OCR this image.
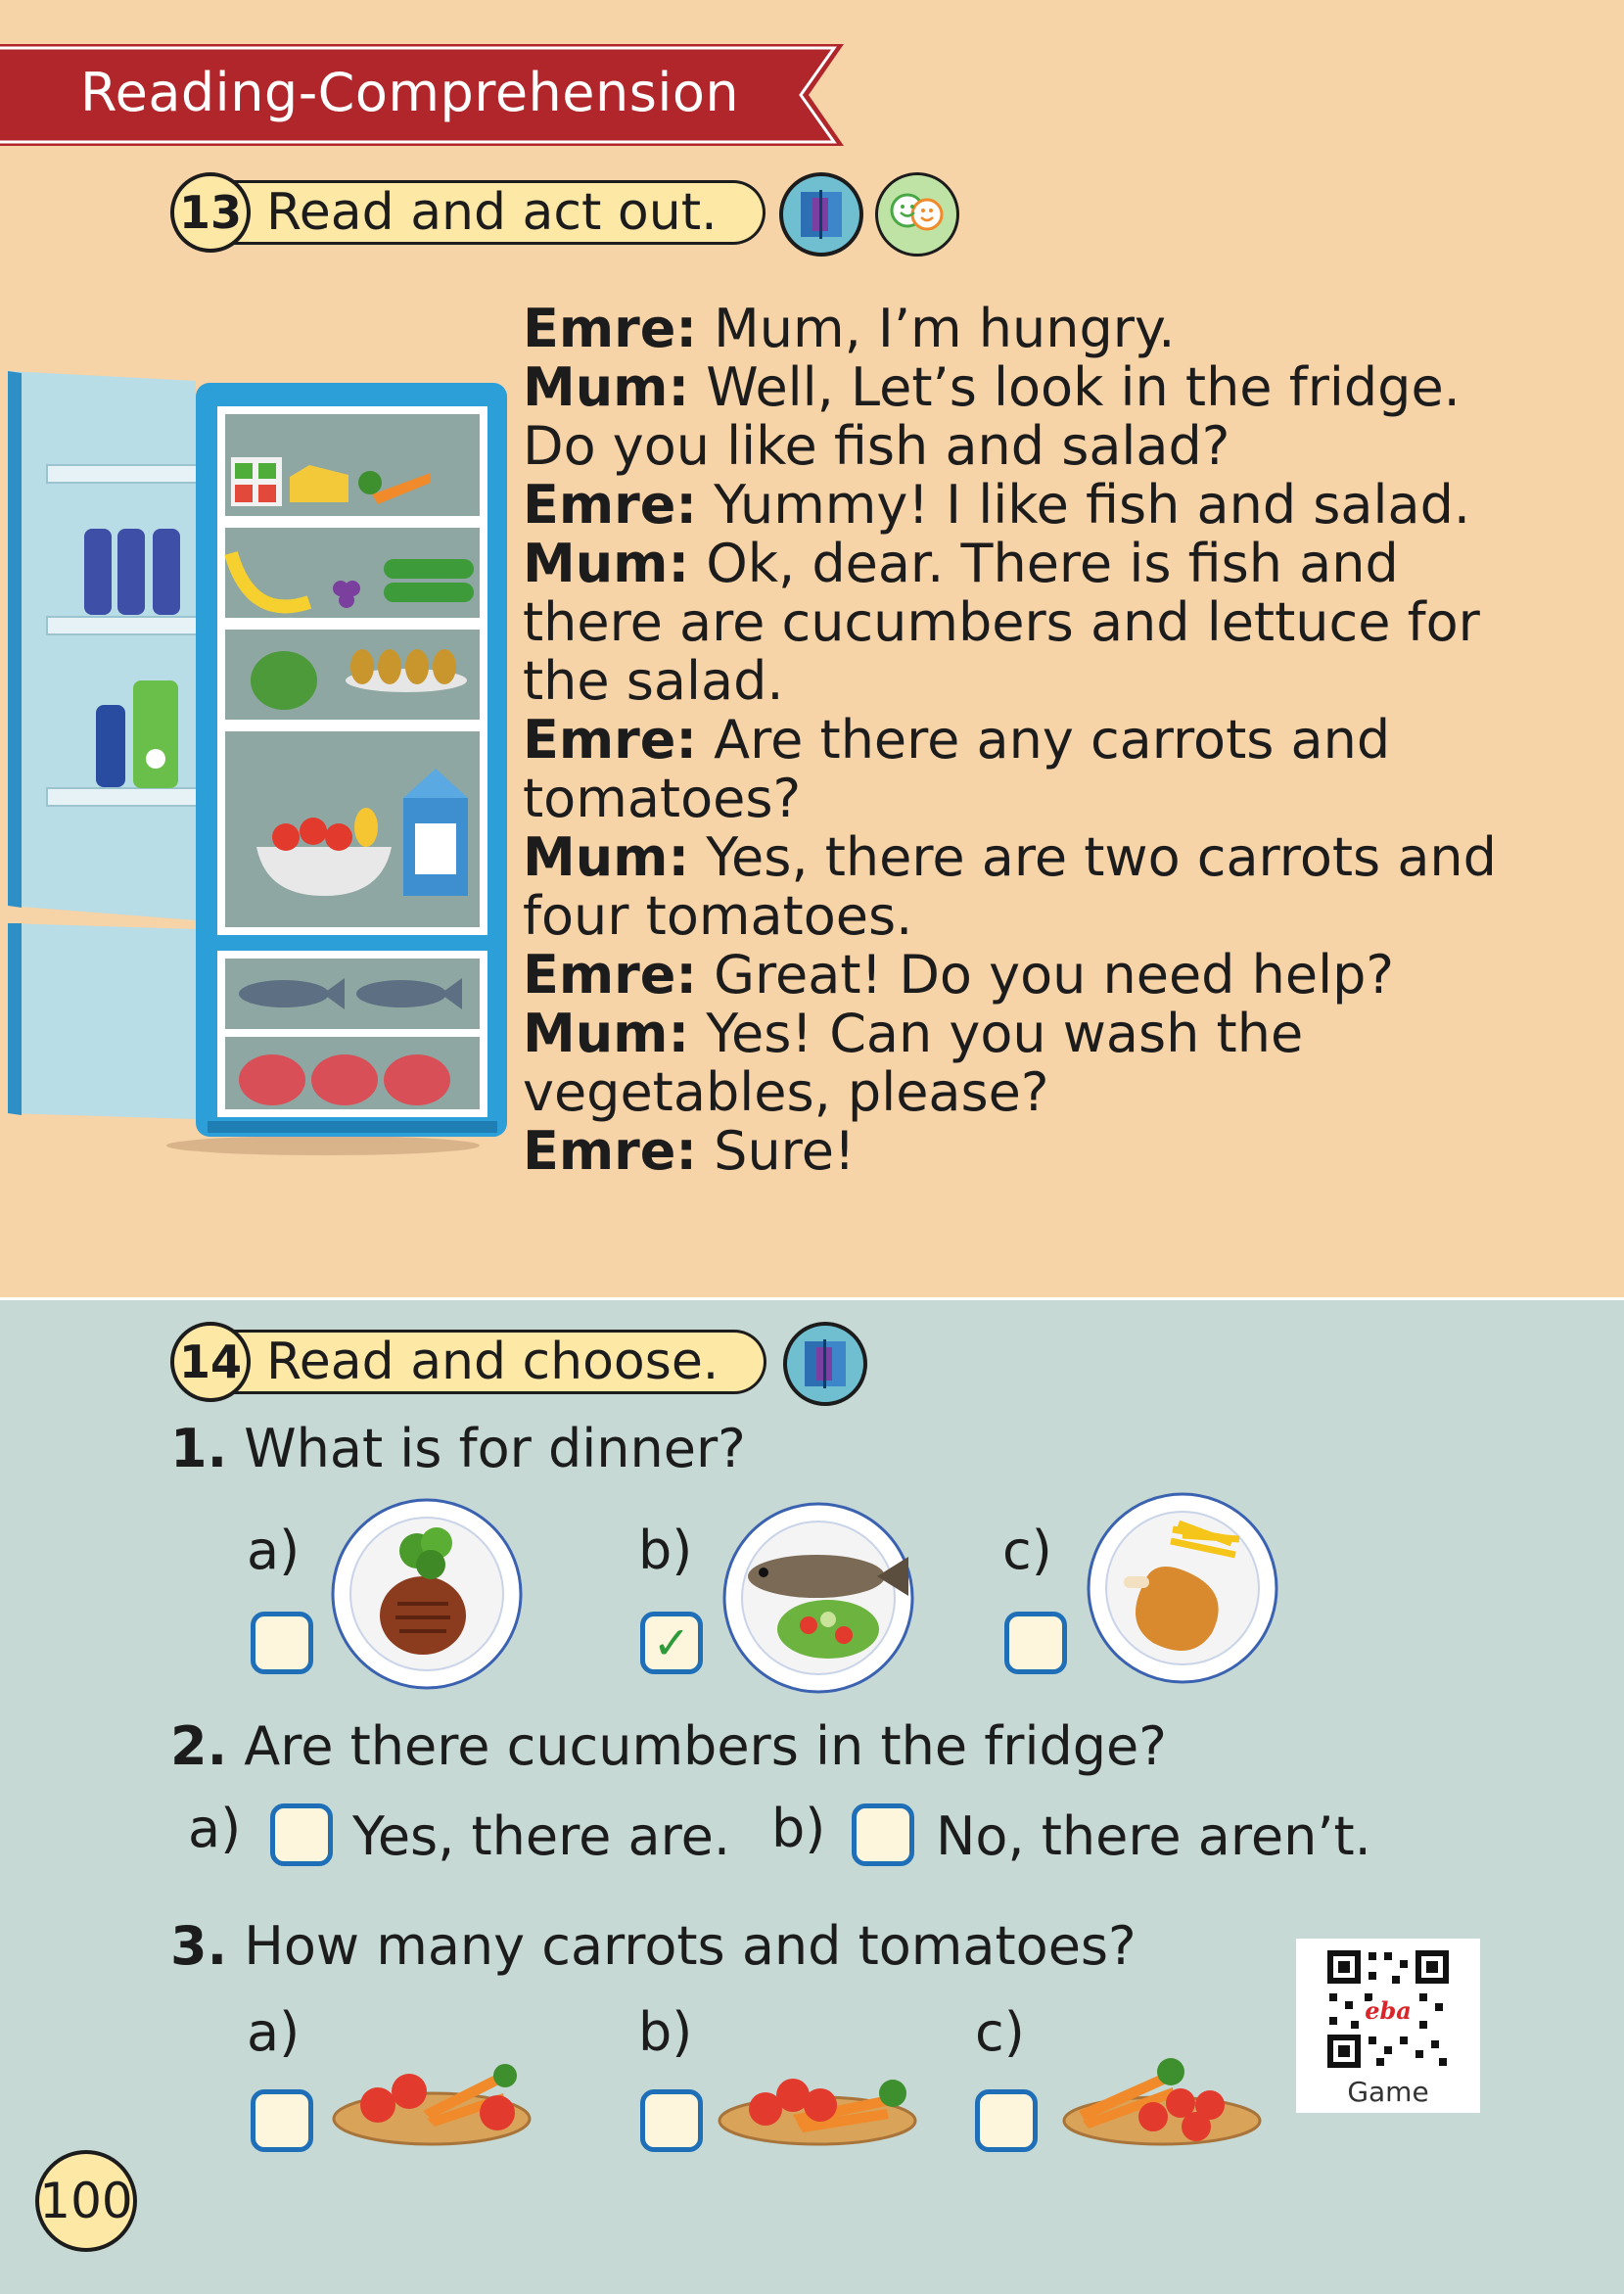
Reading-Comprehension
13 Read and act out.
Emre: Mum, I’m hungry.
Mum: Well, Let’s look in the fridge. Do you like fish and salad?
Emre: Yummy! I like fish and salad.
Mum: Ok, dear. There is fish and there are cucumbers and lettuce for the salad.
Emre: Are there any carrots and tomatoes?
Mum: Yes, there are two carrots and four tomatoes.
Emre: Great! Do you need help?
Mum: Yes! Can you wash the vegetables, please?
Emre: Sure!
14 Read and choose.
1. What is for dinner?
a)	b)
✓
c)
2. Are there cucumbers in the fridge?
a) Yes, there are. b) No, there aren’t.
3. How many carrots and tomatoes?
a)	b)	c)	eba
Game
100
